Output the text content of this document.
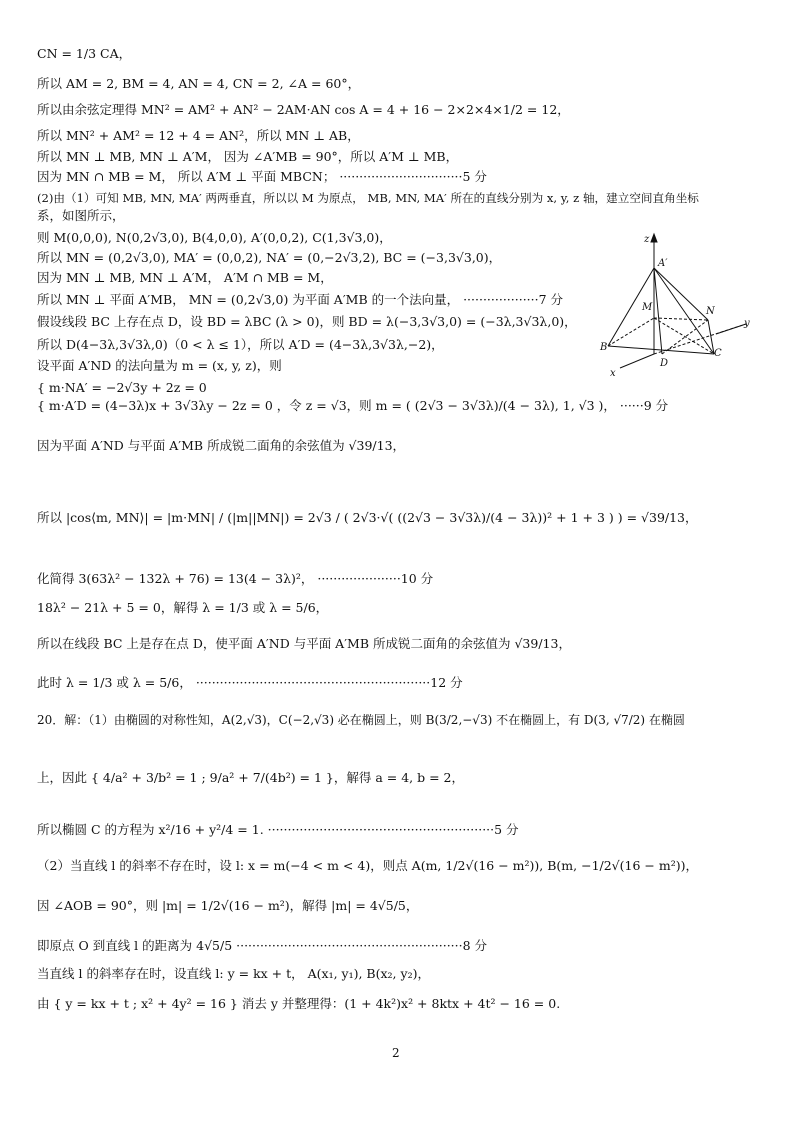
CN = 1/3 CA，
所以 AM = 2, BM = 4, AN = 4, CN = 2, ∠A = 60°，
所以由余弦定理得 MN² = AM² + AN² − 2AM·AN cos A = 4 + 16 − 2×2×4×1/2 = 12，
所以 MN² + AM² = 12 + 4 = AN²，所以 MN ⊥ AB，
所以 MN ⊥ MB, MN ⊥ A′M， 因为 ∠A′MB = 90°，所以 A′M ⊥ MB，
因为 MN ∩ MB = M， 所以 A′M ⊥ 平面 MBCN； ·······························5 分
(2)由（1）可知 MB, MN, MA′ 两两垂直，所以以 M 为原点， MB, MN, MA′ 所在的直线分别为 x, y, z 轴，建立空间直角坐标
系，如图所示，
则 M(0,0,0), N(0,2√3,0), B(4,0,0), A′(0,0,2), C(1,3√3,0)，
所以 MN = (0,2√3,0), MA′ = (0,0,2), NA′ = (0,−2√3,2), BC = (−3,3√3,0)，
因为 MN ⊥ MB, MN ⊥ A′M， A′M ∩ MB = M，
所以 MN ⊥ 平面 A′MB， MN = (0,2√3,0) 为平面 A′MB 的一个法向量， ···················7 分
假设线段 BC 上存在点 D，设 BD = λBC (λ > 0)，则 BD = λ(−3,3√3,0) = (−3λ,3√3λ,0)，
所以 D(4−3λ,3√3λ,0)（0 < λ ≤ 1），所以 A′D = (4−3λ,3√3λ,−2)，
设平面 A′ND 的法向量为 m = (x, y, z)，则
{ m·NA′ = −2√3y + 2z = 0
{ m·A′D = (4−3λ)x + 3√3λy − 2z = 0 ，令 z = √3，则 m = ( (2√3 − 3√3λ)/(4 − 3λ), 1, √3 )， ······9 分
因为平面 A′ND 与平面 A′MB 所成锐二面角的余弦值为 √39/13，
所以 |cos⟨m, MN⟩| = |m·MN| / (|m||MN|) = 2√3 / ( 2√3·√( ((2√3 − 3√3λ)/(4 − 3λ))² + 1 + 3 ) ) = √39/13，
化简得 3(63λ² − 132λ + 76) = 13(4 − 3λ)²， ·····················10 分
18λ² − 21λ + 5 = 0，解得 λ = 1/3 或 λ = 5/6，
所以在线段 BC 上是存在点 D，使平面 A′ND 与平面 A′MB 所成锐二面角的余弦值为 √39/13，
此时 λ = 1/3 或 λ = 5/6， ···························································12 分
20．解：（1）由椭圆的对称性知，A(2,√3)，C(−2,√3) 必在椭圆上，则 B(3/2,−√3) 不在椭圆上，有 D(3, √7/2) 在椭圆
上，因此 { 4/a² + 3/b² = 1 ; 9/a² + 7/(4b²) = 1 }，解得 a = 4, b = 2，
所以椭圆 C 的方程为 x²/16 + y²/4 = 1. ·························································5 分
（2）当直线 l 的斜率不存在时，设 l: x = m(−4 < m < 4)，则点 A(m, 1/2√(16 − m²)), B(m, −1/2√(16 − m²))，
因 ∠AOB = 90°，则 |m| = 1/2√(16 − m²)，解得 |m| = 4√5/5，
即原点 O 到直线 l 的距离为 4√5/5 ·························································8 分
当直线 l 的斜率存在时，设直线 l: y = kx + t， A(x₁, y₁), B(x₂, y₂)，
由 { y = kx + t ; x² + 4y² = 16 } 消去 y 并整理得：(1 + 4k²)x² + 8ktx + 4t² − 16 = 0.
z
A′
M	N
y
B
D
C
x
2
